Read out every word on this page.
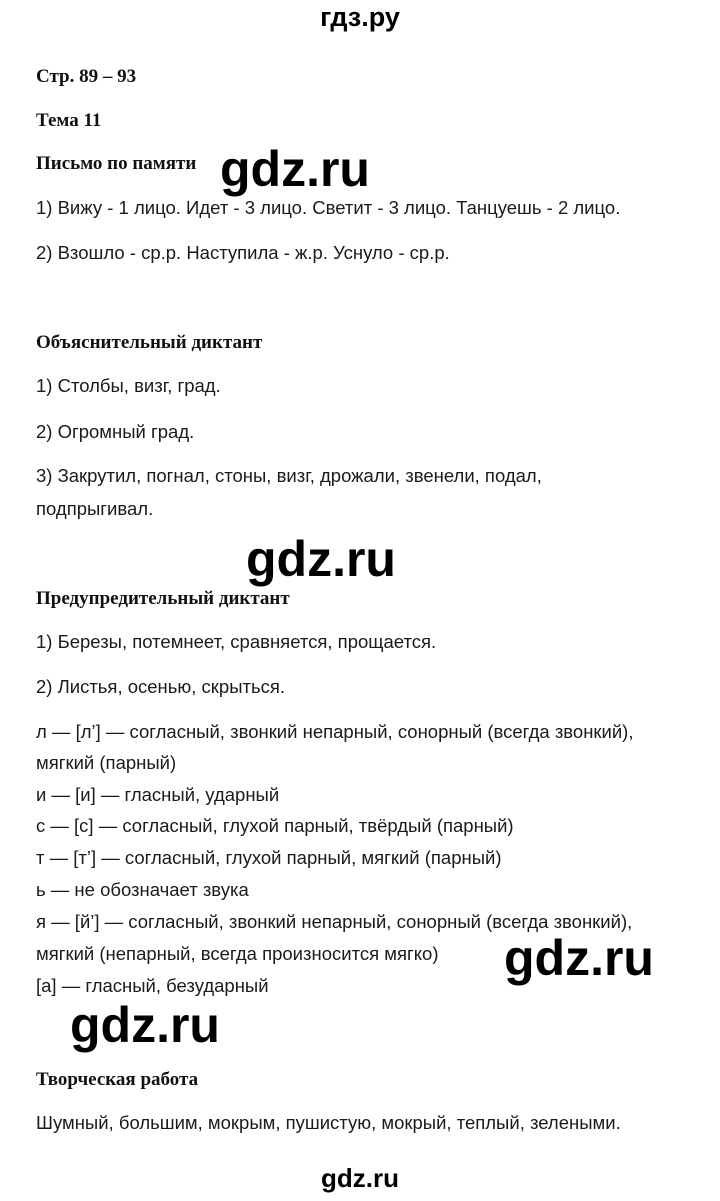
гдз.ру
Стр. 89 – 93
Тема 11
Письмо по памяти
1) Вижу - 1 лицо. Идет - 3 лицо. Светит - 3 лицо. Танцуешь - 2 лицо.
2) Взошло - ср.р. Наступила - ж.р. Уснуло - ср.р.
Объяснительный диктант
1) Столбы, визг, град.
2) Огромный град.
3) Закрутил, погнал, стоны, визг, дрожали, звенели, подал,
подпрыгивал.
Предупредительный диктант
1) Березы, потемнеет, сравняется, прощается.
2) Листья, осенью, скрыться.
л — [л’] — согласный, звонкий непарный, сонорный (всегда звонкий),
мягкий (парный)
и — [и] — гласный, ударный
с — [с] — согласный, глухой парный, твёрдый (парный)
т — [т’] — согласный, глухой парный, мягкий (парный)
ь — не обозначает звука
я — [й’] — согласный, звонкий непарный, сонорный (всегда звонкий),
мягкий (непарный, всегда произносится мягко)
[а] — гласный, безударный
Творческая работа
Шумный, большим, мокрым, пушистую, мокрый, теплый, зелеными.
gdz.ru
gdz.ru
gdz.ru
gdz.ru
gdz.ru
